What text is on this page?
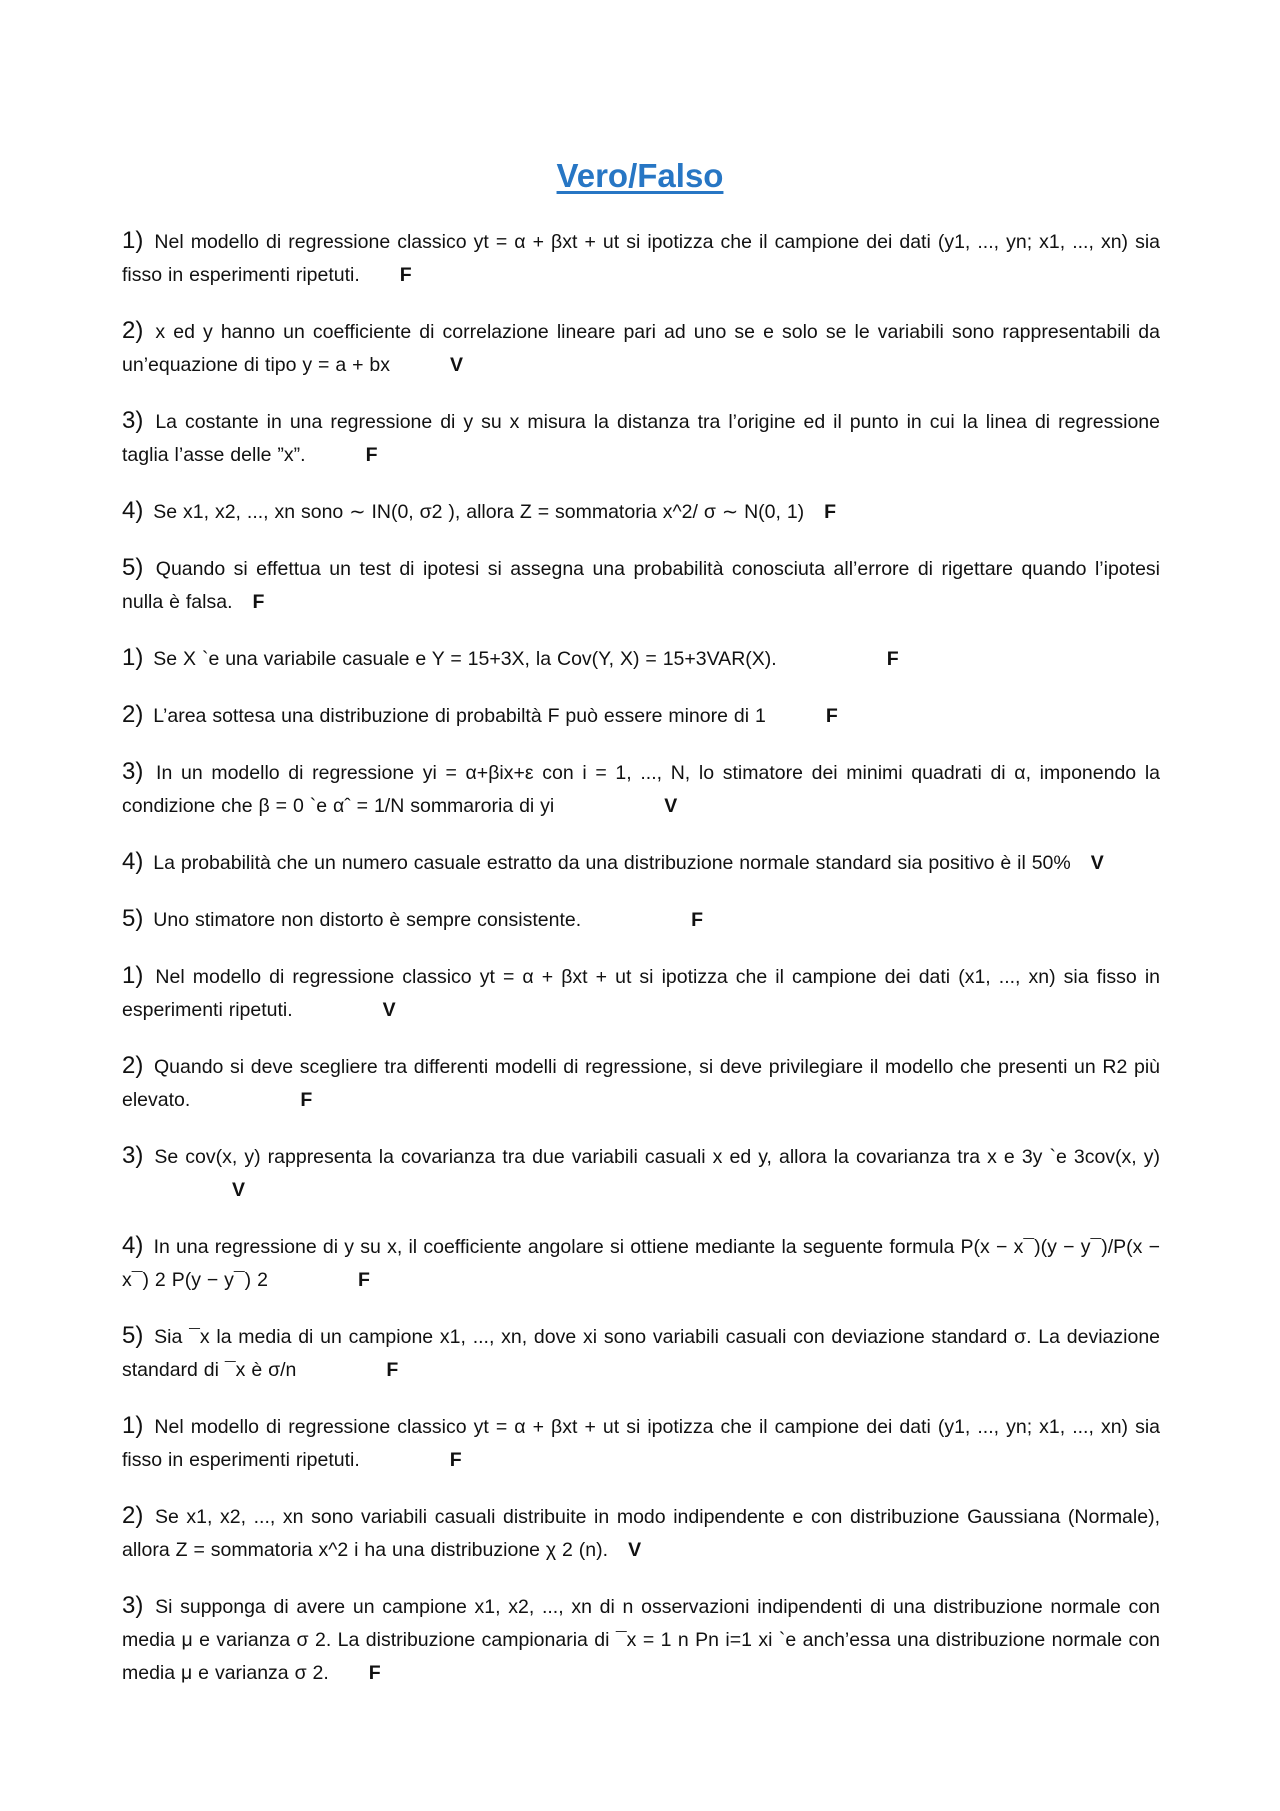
Vero/Falso

1) Nel modello di regressione classico yt = α + βxt + ut si ipotizza che il campione dei dati (y1, ..., yn; x1, ..., xn) sia fisso in esperimenti ripetuti. F

2) x ed y hanno un coefficiente di correlazione lineare pari ad uno se e solo se le variabili sono rappresentabili da un’equazione di tipo y = a + bx	V

3) La costante in una regressione di y su x misura la distanza tra l’origine ed il punto in cui la linea di regressione taglia l’asse delle ”x”.	F

4) Se x1, x2, ..., xn sono ∼ IN(0, σ2 ), allora Z = sommatoria x^2/ σ ∼ N(0, 1) F

5) Quando si effettua un test di ipotesi si assegna una probabilità conosciuta all’errore di rigettare quando l’ipotesi nulla è falsa. F

1) Se X `e una variabile casuale e Y = 15+3X, la Cov(Y, X) = 15+3VAR(X).	F

2) L’area sottesa una distribuzione di probabiltà F può essere minore di 1	F

3) In un modello di regressione yi = α+βix+ε con i = 1, ..., N, lo stimatore dei minimi quadrati di α, imponendo la condizione che β = 0 `e αˆ = 1/N sommaroria di yi	V

4) La probabilità che un numero casuale estratto da una distribuzione normale standard sia positivo è il 50% V

5) Uno stimatore non distorto è sempre consistente.	F

1) Nel modello di regressione classico yt = α + βxt + ut si ipotizza che il campione dei dati (x1, ..., xn) sia fisso in esperimenti ripetuti.	V

2) Quando si deve scegliere tra differenti modelli di regressione, si deve privilegiare il modello che presenti un R2 più elevato.	F

3) Se cov(x, y) rappresenta la covarianza tra due variabili casuali x ed y, allora la covarianza tra x e 3y `e 3cov(x, y)V

4) In una regressione di y su x, il coefficiente angolare si ottiene mediante la seguente formula P(x − x¯)(y − y¯)/P(x − x¯) 2 P(y − y¯) 2	F

5) Sia ¯x la media di un campione x1, ..., xn, dove xi sono variabili casuali con deviazione standard σ. La deviazione standard di ¯x è σ/n	F

1) Nel modello di regressione classico yt = α + βxt + ut si ipotizza che il campione dei dati (y1, ..., yn; x1, ..., xn) sia fisso in esperimenti ripetuti.	F

2) Se x1, x2, ..., xn sono variabili casuali distribuite in modo indipendente e con distribuzione Gaussiana (Normale), allora Z = sommatoria x^2 i ha una distribuzione χ 2 (n). V

3) Si supponga di avere un campione x1, x2, ..., xn di n osservazioni indipendenti di una distribuzione normale con media μ e varianza σ 2. La distribuzione campionaria di ¯x = 1 n Pn i=1 xi `e anch’essa una distribuzione normale con media μ e varianza σ 2. F
